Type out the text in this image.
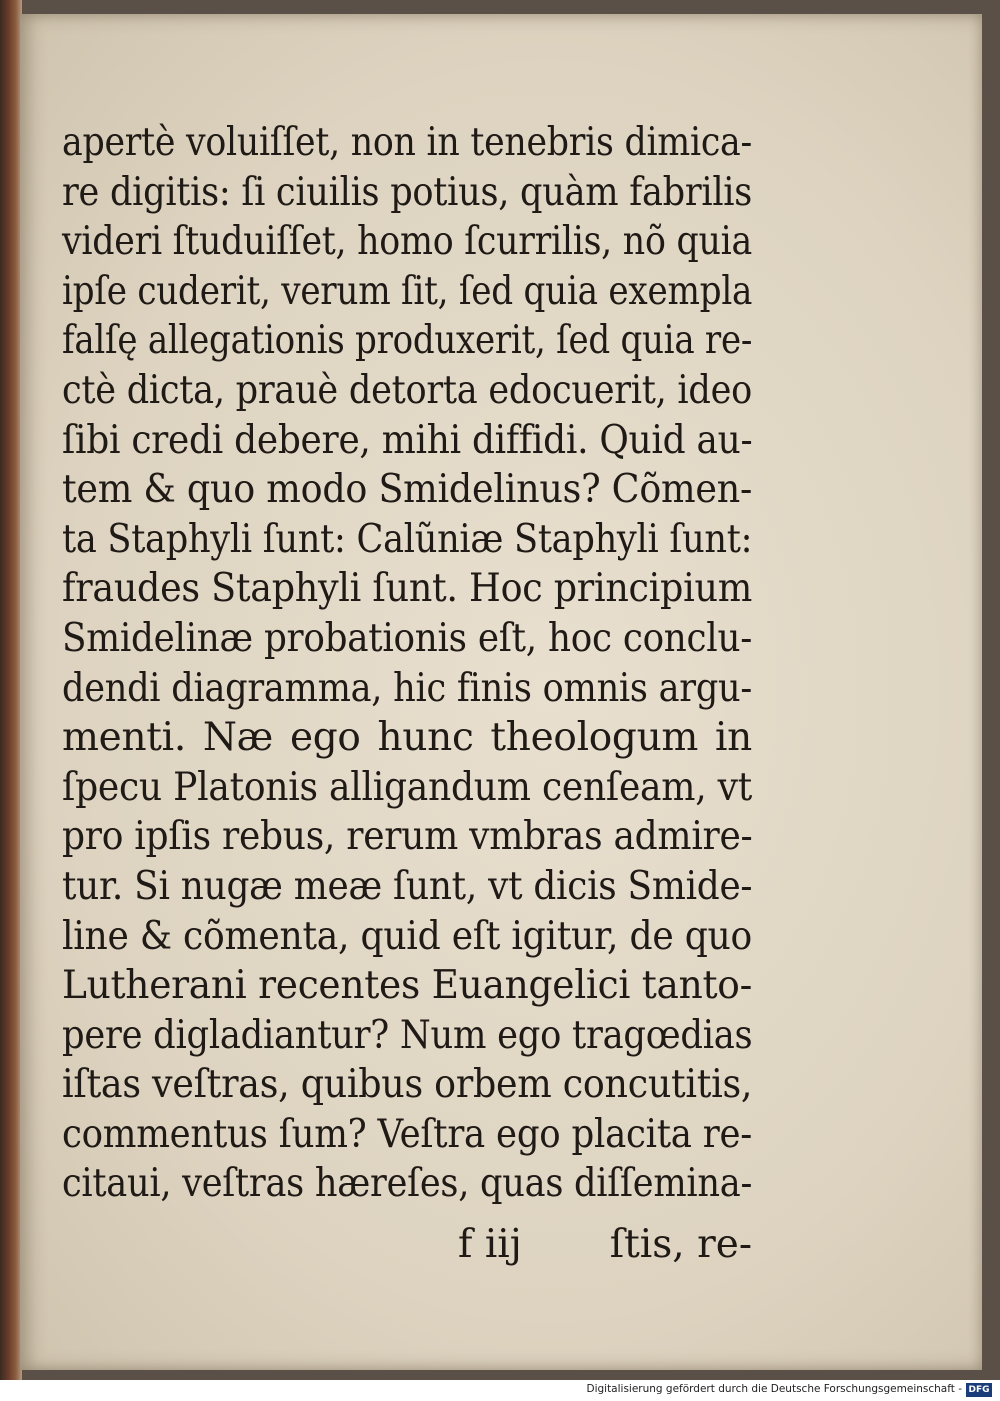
apertè voluiſſet, non in tenebris dimica-
re digitis: ſi ciuilis potius, quàm fabrilis
videri ſtuduiſſet, homo ſcurrilis, nõ quia
ipſe cuderit, verum ſit, ſed quia exempla
falſę allegationis produxerit, ſed quia re-
ctè dicta, prauè detorta edocuerit, ideo
ſibi credi debere, mihi diffidi. Quid au-
tem & quo modo Smidelinus? Cõmen-
ta Staphyli ſunt: Calũniæ Staphyli ſunt:
fraudes Staphyli ſunt. Hoc principium
Smidelinæ probationis eſt, hoc conclu-
dendi diagramma, hic finis omnis argu-
menti. Næ ego hunc theologum in
ſpecu Platonis alligandum cenſeam, vt
pro ipſis rebus, rerum vmbras admire-
tur. Si nugæ meæ ſunt, vt dicis Smide-
line & cõmenta, quid eſt igitur, de quo
Lutherani recentes Euangelici tanto-
pere digladiantur? Num ego tragœdias
iſtas veſtras, quibus orbem concutitis,
commentus ſum? Veſtra ego placita re-
citaui, veſtras hæreſes, quas diſſemina-
f iij ſtis, re-
Digitalisierung gefördert durch die Deutsche Forschungsgemeinschaft - DFG
